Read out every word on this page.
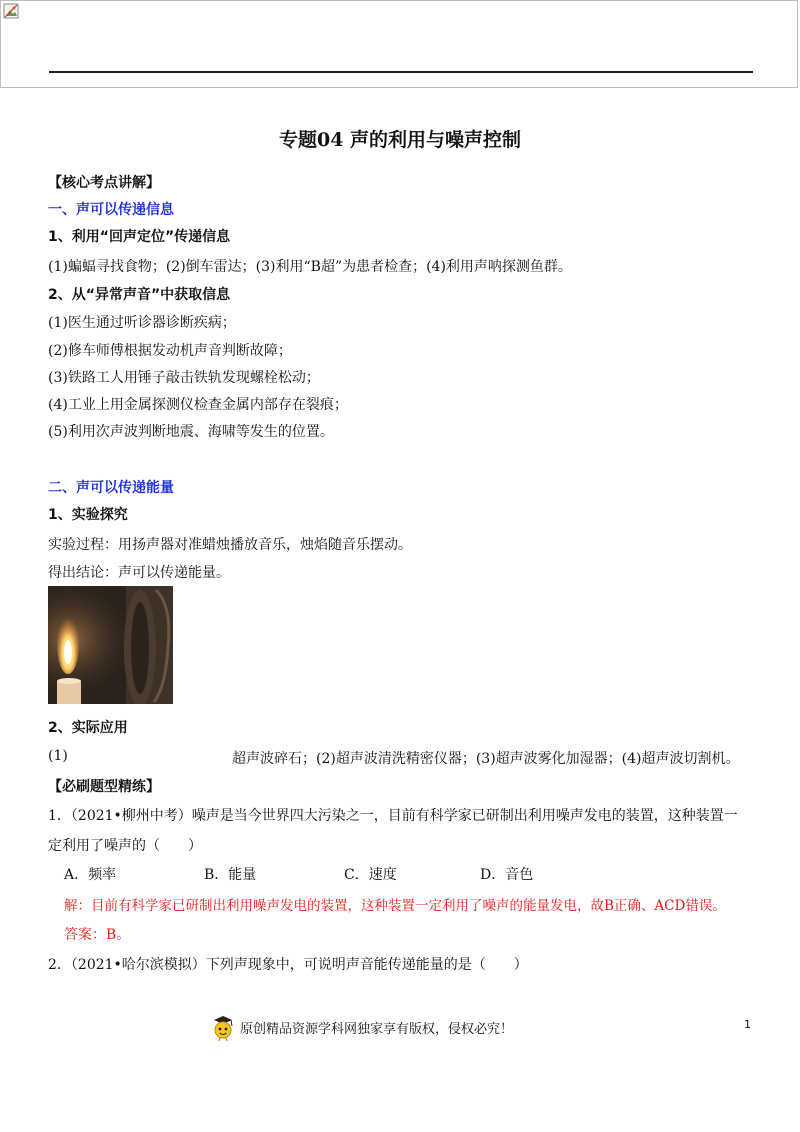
专题04 声的利用与噪声控制
【核心考点讲解】
一、声可以传递信息
1、利用“回声定位”传递信息
(1)蝙蝠寻找食物；(2)倒车雷达；(3)利用“B超”为患者检查；(4)利用声呐探测鱼群。
2、从“异常声音”中获取信息
(1)医生通过听诊器诊断疾病；
(2)修车师傅根据发动机声音判断故障；
(3)铁路工人用锤子敲击铁轨发现螺栓松动；
(4)工业上用金属探测仪检查金属内部存在裂痕；
(5)利用次声波判断地震、海啸等发生的位置。
二、声可以传递能量
1、实验探究
实验过程：用扬声器对准蜡烛播放音乐，烛焰随音乐摆动。
得出结论：声可以传递能量。
2、实际应用
(1)	超声波碎石；(2)超声波清洗精密仪器；(3)超声波雾化加湿器；(4)超声波切割机。
【必刷题型精练】
1．（2021•柳州中考）噪声是当今世界四大污染之一，目前有科学家已研制出利用噪声发电的装置，这种装置一
定利用了噪声的（　　）
A．频率	B．能量	C．速度	D．音色
解：目前有科学家已研制出利用噪声发电的装置，这种装置一定利用了噪声的能量发电，故B正确、ACD错误。
答案：B。
2．（2021•哈尔滨模拟）下列声现象中，可说明声音能传递能量的是（　　）
原创精品资源学科网独家享有版权，侵权必究！	1
